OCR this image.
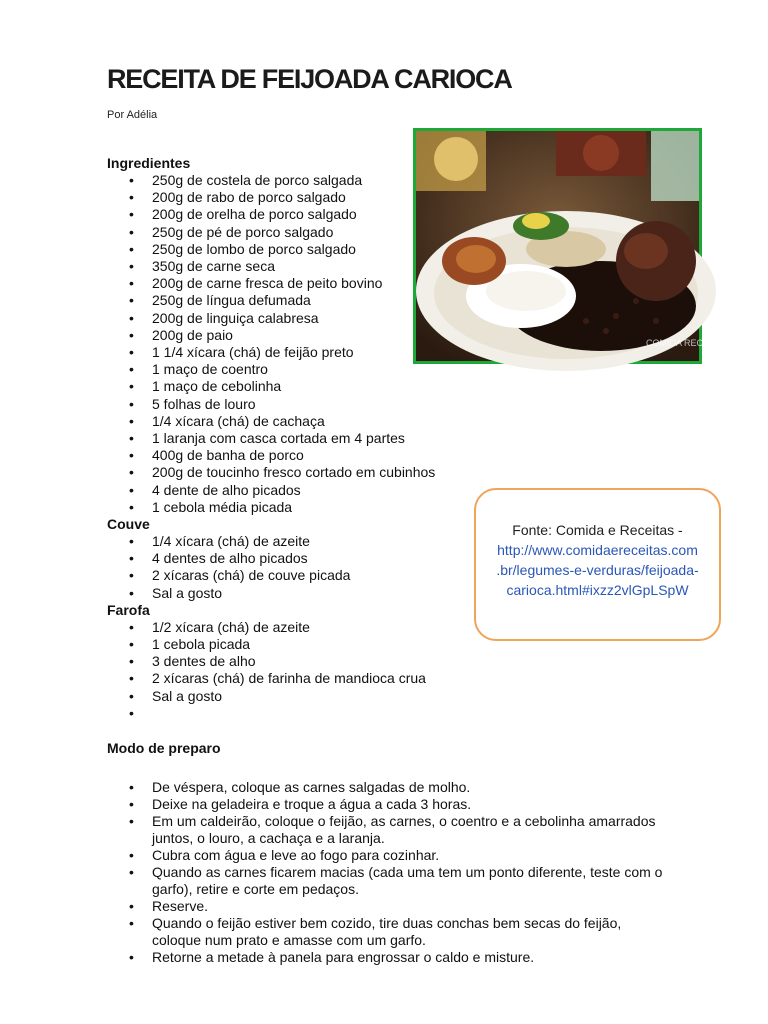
RECEITA DE FEIJOADA CARIOCA
Por Adélia
COMIDA RECEITAS
Ingredientes
• 250g de costela de porco salgada
• 200g de rabo de porco salgado
• 200g de orelha de porco salgado
• 250g de pé de porco salgado
• 250g de lombo de porco salgado
• 350g de carne seca
• 200g de carne fresca de peito bovino
• 250g de língua defumada
• 200g de linguiça calabresa
• 200g de paio
• 1 1/4 xícara (chá) de feijão preto
• 1 maço de coentro
• 1 maço de cebolinha
• 5 folhas de louro
• 1/4 xícara (chá) de cachaça
• 1 laranja com casca cortada em 4 partes
• 400g de banha de porco
• 200g de toucinho fresco cortado em cubinhos
• 4 dente de alho picados
• 1 cebola média picada
Couve
• 1/4 xícara (chá) de azeite
• 4 dentes de alho picados
• 2 xícaras (chá) de couve picada
• Sal a gosto
Farofa
• 1/2 xícara (chá) de azeite
• 1 cebola picada
• 3 dentes de alho
• 2 xícaras (chá) de farinha de mandioca crua
• Sal a gosto
•
Fonte: Comida e Receitas -
http://www.comidaereceitas.com
.br/legumes-e-verduras/feijoada-
carioca.html#ixzz2vlGpLSpW
Modo de preparo
• De véspera, coloque as carnes salgadas de molho.
• Deixe na geladeira e troque a água a cada 3 horas.
• Em um caldeirão, coloque o feijão, as carnes, o coentro e a cebolinha amarrados juntos, o louro, a cachaça e a laranja.
• Cubra com água e leve ao fogo para cozinhar.
• Quando as carnes ficarem macias (cada uma tem um ponto diferente, teste com o garfo), retire e corte em pedaços.
• Reserve.
• Quando o feijão estiver bem cozido, tire duas conchas bem secas do feijão, coloque num prato e amasse com um garfo.
• Retorne a metade à panela para engrossar o caldo e misture.
